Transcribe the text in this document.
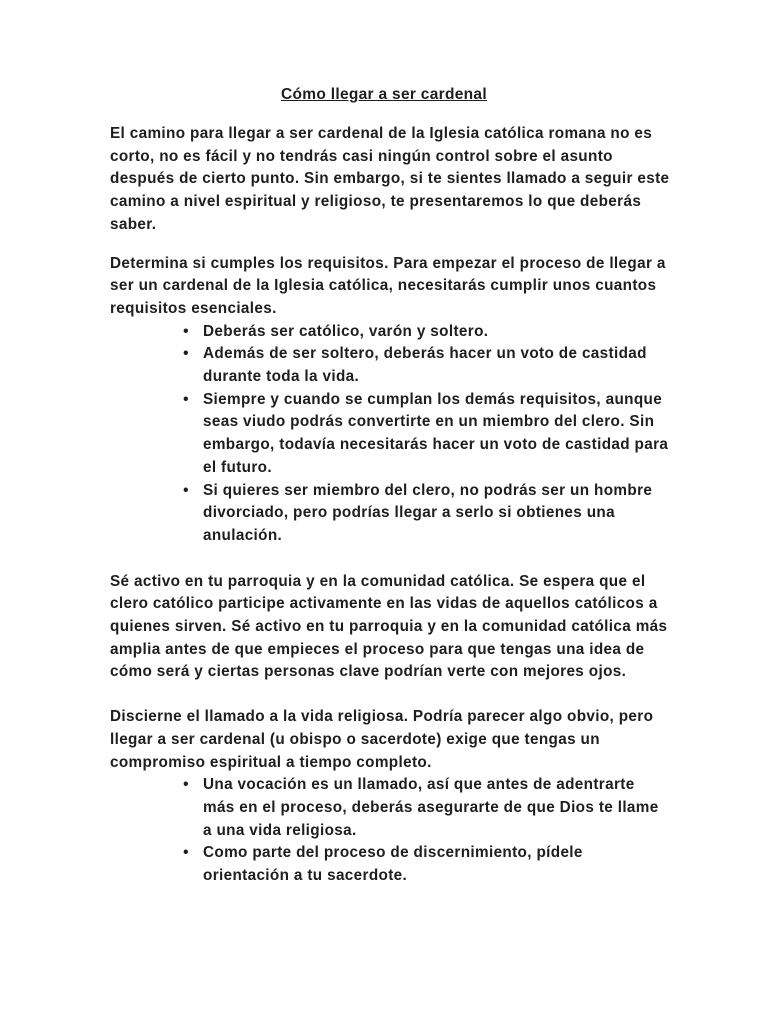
Cómo llegar a ser cardenal

El camino para llegar a ser cardenal de la Iglesia católica romana no es corto, no es fácil y no tendrás casi ningún control sobre el asunto después de cierto punto. Sin embargo, si te sientes llamado a seguir este camino a nivel espiritual y religioso, te presentaremos lo que deberás saber.

Determina si cumples los requisitos. Para empezar el proceso de llegar a ser un cardenal de la Iglesia católica, necesitarás cumplir unos cuantos requisitos esenciales.

• Deberás ser católico, varón y soltero.
• Además de ser soltero, deberás hacer un voto de castidad durante toda la vida.
• Siempre y cuando se cumplan los demás requisitos, aunque seas viudo podrás convertirte en un miembro del clero. Sin embargo, todavía necesitarás hacer un voto de castidad para el futuro.
• Si quieres ser miembro del clero, no podrás ser un hombre divorciado, pero podrías llegar a serlo si obtienes una anulación.

Sé activo en tu parroquia y en la comunidad católica. Se espera que el clero católico participe activamente en las vidas de aquellos católicos a quienes sirven. Sé activo en tu parroquia y en la comunidad católica más amplia antes de que empieces el proceso para que tengas una idea de cómo será y ciertas personas clave podrían verte con mejores ojos.

Discierne el llamado a la vida religiosa. Podría parecer algo obvio, pero llegar a ser cardenal (u obispo o sacerdote) exige que tengas un compromiso espiritual a tiempo completo.

• Una vocación es un llamado, así que antes de adentrarte más en el proceso, deberás asegurarte de que Dios te llame a una vida religiosa.
• Como parte del proceso de discernimiento, pídele orientación a tu sacerdote.
